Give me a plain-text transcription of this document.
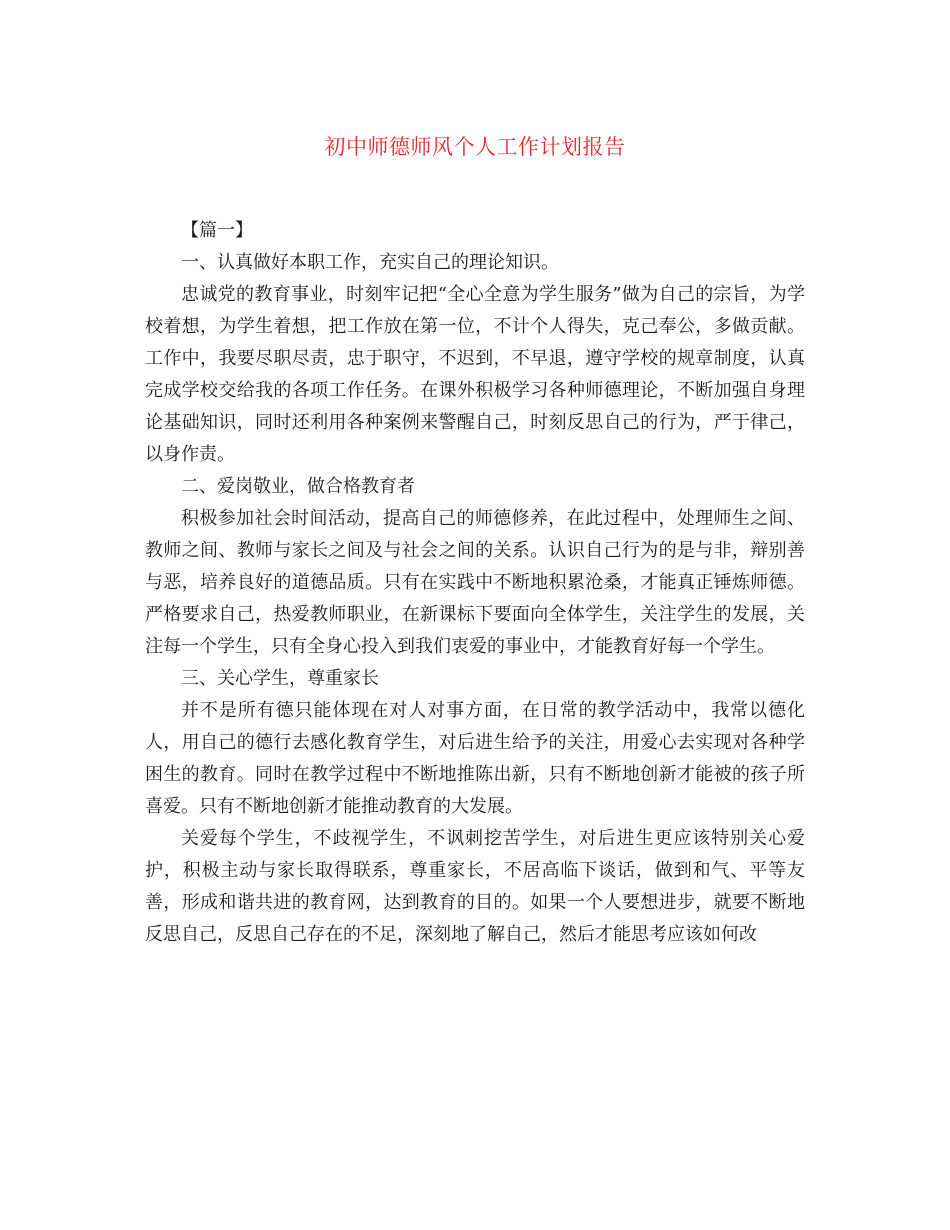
初中师德师风个人工作计划报告

【篇一】

一、认真做好本职工作，充实自己的理论知识。

忠诚党的教育事业，时刻牢记把“全心全意为学生服务”做为自己的宗旨，为学校着想，为学生着想，把工作放在第一位，不计个人得失，克己奉公，多做贡献。工作中，我要尽职尽责，忠于职守，不迟到，不早退，遵守学校的规章制度，认真完成学校交给我的各项工作任务。在课外积极学习各种师德理论，不断加强自身理论基础知识，同时还利用各种案例来警醒自己，时刻反思自己的行为，严于律己，以身作责。

二、爱岗敬业，做合格教育者

积极参加社会时间活动，提高自己的师德修养，在此过程中，处理师生之间、教师之间、教师与家长之间及与社会之间的关系。认识自己行为的是与非，辩别善与恶，培养良好的道德品质。只有在实践中不断地积累沧桑，才能真正锤炼师德。严格要求自己，热爱教师职业，在新课标下要面向全体学生，关注学生的发展，关注每一个学生，只有全身心投入到我们衷爱的事业中，才能教育好每一个学生。

三、关心学生，尊重家长

并不是所有德只能体现在对人对事方面，在日常的教学活动中，我常以德化人，用自己的德行去感化教育学生，对后进生给予的关注，用爱心去实现对各种学困生的教育。同时在教学过程中不断地推陈出新，只有不断地创新才能被的孩子所喜爱。只有不断地创新才能推动教育的大发展。

关爱每个学生，不歧视学生，不讽刺挖苦学生，对后进生更应该特别关心爱护，积极主动与家长取得联系，尊重家长，不居高临下谈话，做到和气、平等友善，形成和谐共进的教育网，达到教育的目的。如果一个人要想进步，就要不断地反思自己，反思自己存在的不足，深刻地了解自己，然后才能思考应该如何改
